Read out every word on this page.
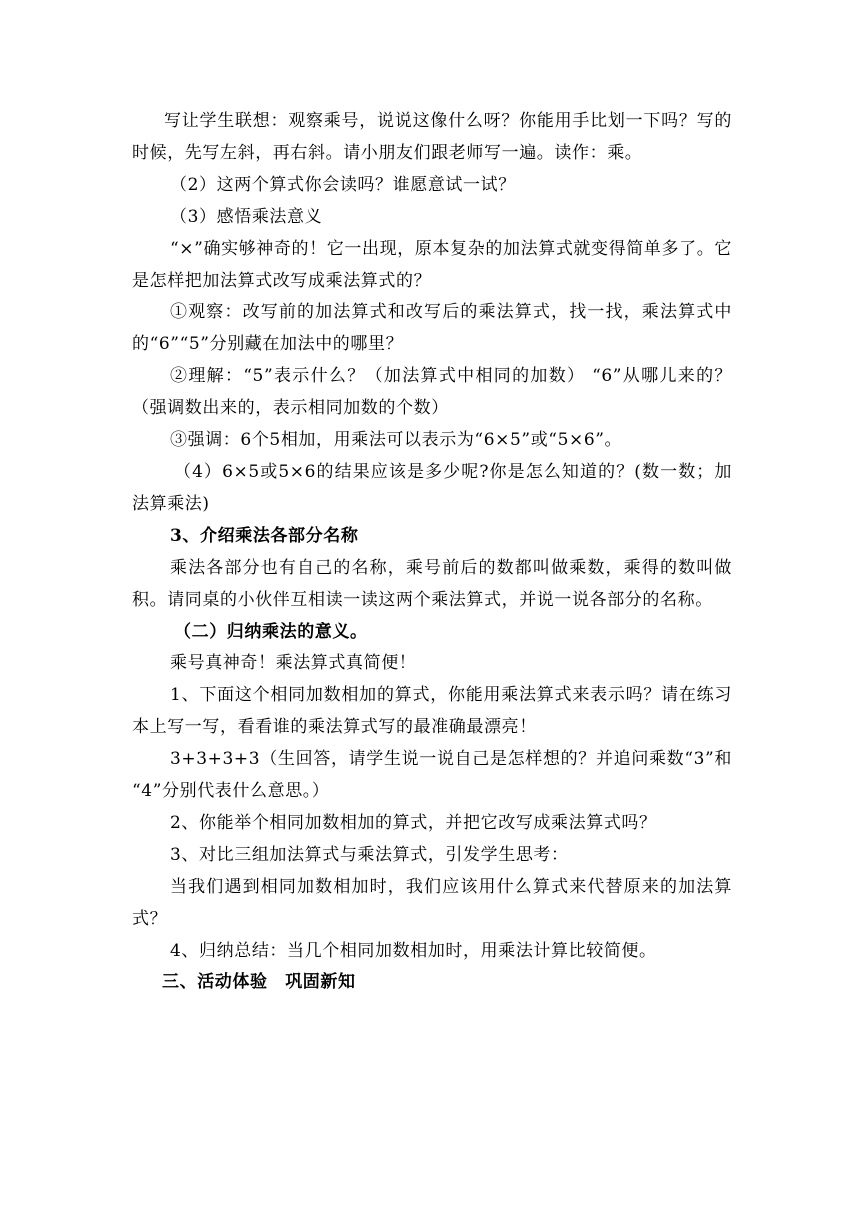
写让学生联想：观察乘号，说说这像什么呀？你能用手比划一下吗？写的时候，先写左斜，再右斜。请小朋友们跟老师写一遍。读作：乘。

（2）这两个算式你会读吗？谁愿意试一试？

（3）感悟乘法意义

“×”确实够神奇的！它一出现，原本复杂的加法算式就变得简单多了。它是怎样把加法算式改写成乘法算式的？

①观察：改写前的加法算式和改写后的乘法算式，找一找，乘法算式中的“6”“5”分别藏在加法中的哪里？

②理解：“5”表示什么？（加法算式中相同的加数） “6”从哪儿来的？（强调数出来的，表示相同加数的个数）

③强调：6个5相加，用乘法可以表示为“6×5”或“5×6”。

（4）6×5或5×6的结果应该是多少呢?你是怎么知道的？(数一数；加法算乘法)

3、介绍乘法各部分名称

乘法各部分也有自己的名称，乘号前后的数都叫做乘数，乘得的数叫做积。请同桌的小伙伴互相读一读这两个乘法算式，并说一说各部分的名称。

（二）归纳乘法的意义。

乘号真神奇！乘法算式真简便！

1、下面这个相同加数相加的算式，你能用乘法算式来表示吗？请在练习本上写一写，看看谁的乘法算式写的最准确最漂亮！

3+3+3+3（生回答，请学生说一说自己是怎样想的？并追问乘数“3”和 “4”分别代表什么意思。）

2、你能举个相同加数相加的算式，并把它改写成乘法算式吗？

3、对比三组加法算式与乘法算式，引发学生思考：

当我们遇到相同加数相加时，我们应该用什么算式来代替原来的加法算式？

4、归纳总结：当几个相同加数相加时，用乘法计算比较简便。

三、活动体验　巩固新知
